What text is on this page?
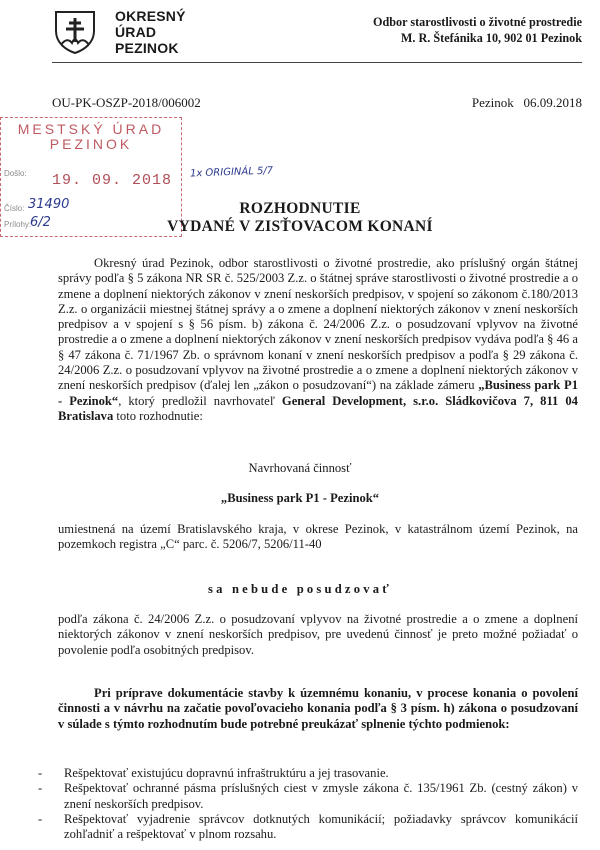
OKRESNÝ
ÚRAD
PEZINOK
Odbor starostlivosti o životné prostredie
M. R. Štefánika 10, 902 01 Pezinok
OU-PK-OSZP-2018/006002	Pezinok   06.09.2018
MESTSKÝ ÚRAD
PEZINOK
Došlo: 19. 09. 2018
Číslo: 31490
Prílohy:
6/2
1x ORIGINÁL 5/7
ROZHODNUTIE
VYDANÉ V ZISŤOVACOM KONANÍ
Okresný úrad Pezinok, odbor starostlivosti o životné prostredie, ako príslušný orgán štátnej správy podľa § 5 zákona NR SR č. 525/2003 Z.z. o štátnej správe starostlivosti o životné prostredie a o zmene a doplnení niektorých zákonov v znení neskorších predpisov, v spojení so zákonom č.180/2013 Z.z. o organizácii miestnej štátnej správy a o zmene a doplnení niektorých zákonov v znení neskorších predpisov a v spojení s § 56 písm. b) zákona č. 24/2006 Z.z. o posudzovaní vplyvov na životné prostredie a o zmene a doplnení niektorých zákonov v znení neskorších predpisov vydáva podľa § 46 a § 47 zákona č. 71/1967 Zb. o správnom konaní v znení neskorších predpisov a podľa § 29 zákona č. 24/2006 Z.z. o posudzovaní vplyvov na životné prostredie a o zmene a doplnení niektorých zákonov v znení neskorších predpisov (ďalej len „zákon o posudzovaní“) na základe zámeru „Business park P1 - Pezinok“, ktorý predložil navrhovateľ General Development, s.r.o. Sládkovičova 7, 811 04 Bratislava toto rozhodnutie:
Navrhovaná činnosť
„Business park P1 - Pezinok“
umiestnená na území Bratislavského kraja, v okrese Pezinok, v katastrálnom území Pezinok, na pozemkoch registra „C“ parc. č. 5206/7, 5206/11-40
sa nebude posudzovať
podľa zákona č. 24/2006 Z.z. o posudzovaní vplyvov na životné prostredie a o zmene a doplnení niektorých zákonov v znení neskorších predpisov, pre uvedenú činnosť je preto možné požiadať o povolenie podľa osobitných predpisov.
Pri príprave dokumentácie stavby k územnému konaniu, v procese konania o povolení činnosti a v návrhu na začatie povoľovacieho konania podľa § 3 písm. h) zákona o posudzovaní v súlade s týmto rozhodnutím bude potrebné preukázať splnenie týchto podmienok:
- Rešpektovať existujúcu dopravnú infraštruktúru a jej trasovanie.
- Rešpektovať ochranné pásma príslušných ciest v zmysle zákona č. 135/1961 Zb. (cestný zákon) v znení neskorších predpisov.
- Rešpektovať vyjadrenie správcov dotknutých komunikácií; požiadavky správcov komunikácií zohľadniť a rešpektovať v plnom rozsahu.
